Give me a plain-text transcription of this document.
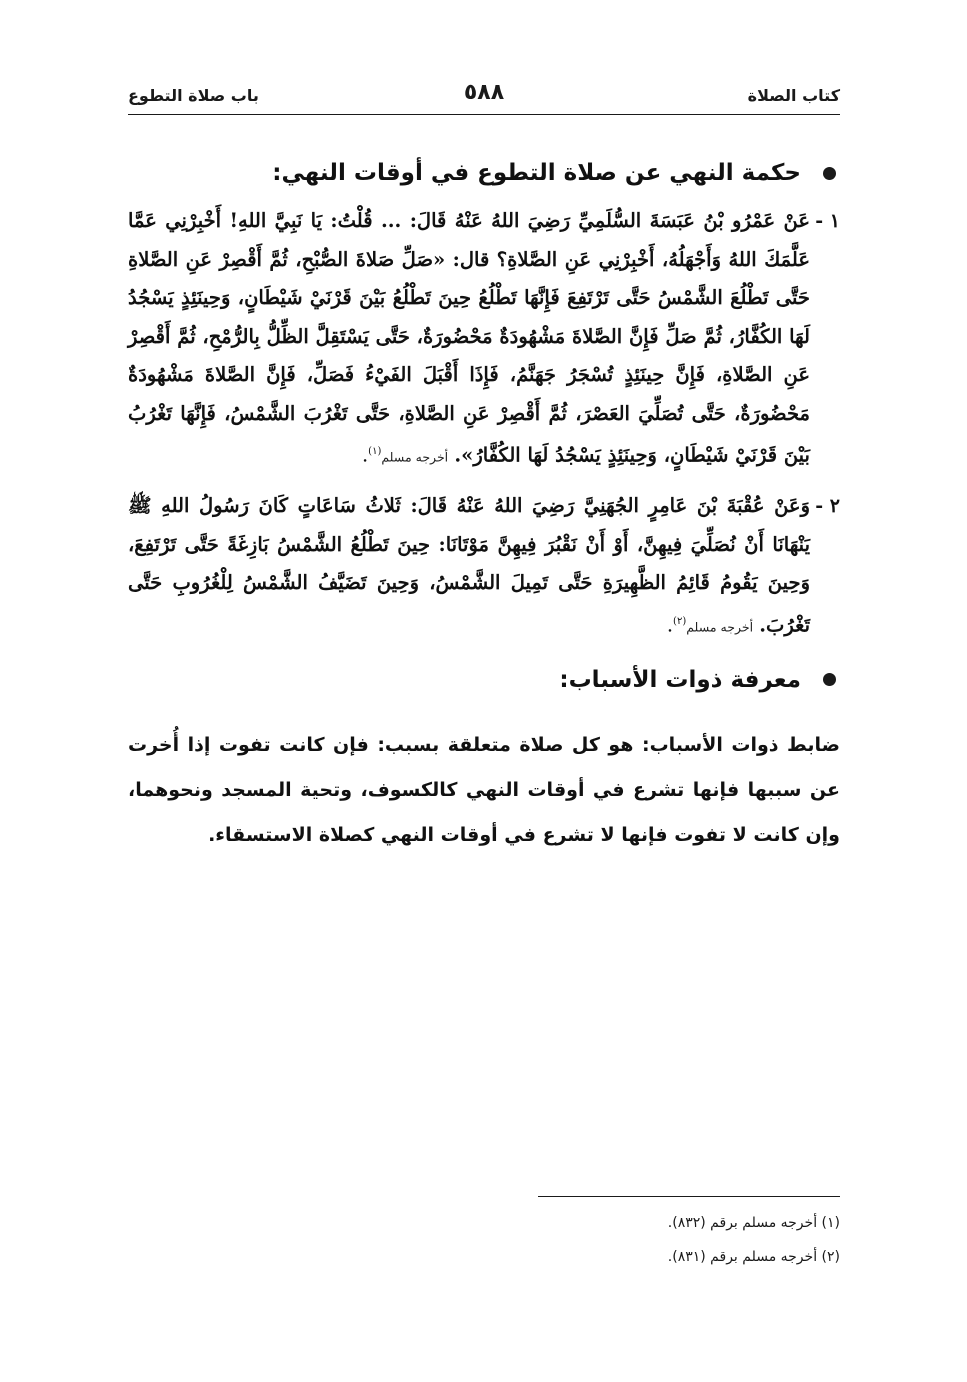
كتاب الصلاة
٥٨٨
باب صلاة التطوع
حكمة النهي عن صلاة التطوع في أوقات النهي:
١ -
عَنْ عَمْرُو بْنُ عَبَسَةَ السُّلَمِيِّ رَضِيَ اللهُ عَنْهُ قَالَ: ... قُلْتُ: يَا نَبِيَّ اللهِ! أَخْبِرْنِي عَمَّا عَلَّمَكَ اللهُ وَأَجْهَلُهُ، أَخْبِرْنِي عَنِ الصَّلاةِ؟ قال: «صَلِّ صَلاةَ الصُّبْحِ، ثُمَّ أَقْصِرْ عَنِ الصَّلاةِ حَتَّى تَطْلُعَ الشَّمْسُ حَتَّى تَرْتَفِعَ فَإِنَّهَا تَطْلُعُ حِينَ تَطْلُعُ بَيْنَ قَرْنَيْ شَيْطَانٍ، وَحِينَئِذٍ يَسْجُدُ لَهَا الكُفَّارُ، ثُمَّ صَلِّ فَإِنَّ الصَّلاةَ مَشْهُودَةٌ مَحْضُورَةٌ، حَتَّى يَسْتَقِلَّ الظِّلُّ بِالرُّمْحِ، ثُمَّ أَقْصِرْ عَنِ الصَّلاةِ، فَإِنَّ حِينَئِذٍ تُسْجَرُ جَهَنَّمُ، فَإِذَا أَقْبَلَ الفَيْءُ فَصَلِّ، فَإِنَّ الصَّلاةَ مَشْهُودَةٌ مَحْضُورَةٌ، حَتَّى تُصَلِّيَ العَصْرَ، ثُمَّ أَقْصِرْ عَنِ الصَّلاةِ، حَتَّى تَغْرُبَ الشَّمْسُ، فَإِنَّهَا تَغْرُبُ بَيْنَ قَرْنَيْ شَيْطَانٍ، وَحِينَئِذٍ يَسْجُدُ لَهَا الكُفَّارُ». أخرجه مسلم$^{(١)}$.
٢ -
وَعَنْ عُقْبَةَ بْنَ عَامِرٍ الجُهَنِيَّ رَضِيَ اللهُ عَنْهُ قَالَ: ثَلاثُ سَاعَاتٍ كَانَ رَسُولُ اللهِ ﷺ يَنْهَانَا أَنْ نُصَلِّيَ فِيهِنَّ، أَوْ أَنْ نَقْبُرَ فِيهِنَّ مَوْتَانَا: حِينَ تَطْلُعُ الشَّمْسُ بَازِغَةً حَتَّى تَرْتَفِعَ، وَحِينَ يَقُومُ قَائِمُ الظَّهِيرَةِ حَتَّى تَمِيلَ الشَّمْسُ، وَحِينَ تَضَيَّفُ الشَّمْسُ لِلْغُرُوبِ حَتَّى تَغْرُبَ. أخرجه مسلم$^{(٢)}$.
معرفة ذوات الأسباب:
ضابط ذوات الأسباب: هو كل صلاة متعلقة بسبب: فإن كانت تفوت إذا أُخرت عن سببها فإنها تشرع في أوقات النهي كالكسوف، وتحية المسجد ونحوهما، وإن كانت لا تفوت فإنها لا تشرع في أوقات النهي كصلاة الاستسقاء.
(١) أخرجه مسلم برقم (٨٣٢).
(٢) أخرجه مسلم برقم (٨٣١).
